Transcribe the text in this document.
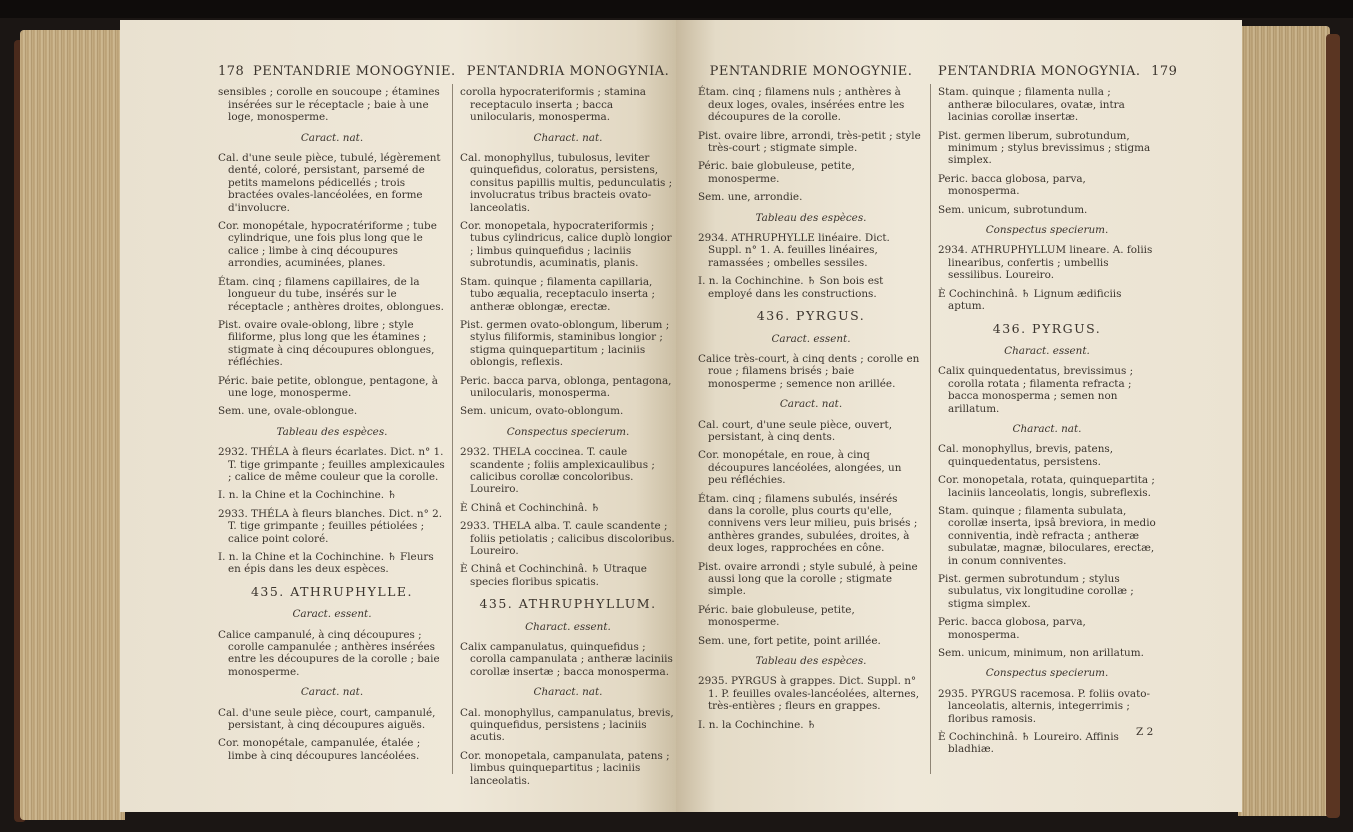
178 PENTANDRIE MONOGYNIE.

sensibles ; corolle en soucoupe ; étamines insérées sur le réceptacle ; baie à une loge, monosperme.

Caract. nat.

Cal. d'une seule pièce, tubulé, légèrement denté, coloré, persistant, parsemé de petits mamelons pédicellés ; trois bractées ovales-lancéolées, en forme d'involucre.

Cor. monopétale, hypocratériforme ; tube cylindrique, une fois plus long que le calice ; limbe à cinq découpures arrondies, acuminées, planes.

Étam. cinq ; filamens capillaires, de la longueur du tube, insérés sur le réceptacle ; anthères droites, oblongues.

Pist. ovaire ovale-oblong, libre ; style filiforme, plus long que les étamines ; stigmate à cinq découpures oblongues, réfléchies.

Péric. baie petite, oblongue, pentagone, à une loge, monosperme.

Sem. une, ovale-oblongue.

Tableau des espèces.

2932. THÉLA à fleurs écarlates. Dict. n° 1. T. tige grimpante ; feuilles amplexicaules ; calice de même couleur que la corolle.

I. n. la Chine et la Cochinchine. ♄

2933. THÉLA à fleurs blanches. Dict. n° 2. T. tige grimpante ; feuilles pétiolées ; calice point coloré.

I. n. la Chine et la Cochinchine. ♄ Fleurs en épis dans les deux espèces.

435. ATHRUPHYLLE.

Caract. essent.

Calice campanulé, à cinq découpures ; corolle campanulée ; anthères insérées entre les découpures de la corolle ; baie monosperme.

Caract. nat.

Cal. d'une seule pièce, court, campanulé, persistant, à cinq découpures aiguës.

Cor. monopétale, campanulée, étalée ; limbe à cinq découpures lancéolées.

PENTANDRIA MONOGYNIA.

corolla hypocrateriformis ; stamina receptaculo inserta ; bacca unilocularis, monosperma.

Charact. nat.

Cal. monophyllus, tubulosus, leviter quinquefidus, coloratus, persistens, consitus papillis multis, pedunculatis ; involucratus tribus bracteis ovato-lanceolatis.

Cor. monopetala, hypocrateriformis ; tubus cylindricus, calice duplò longior ; limbus quinquefidus ; laciniis subrotundis, acuminatis, planis.

Stam. quinque ; filamenta capillaria, tubo æqualia, receptaculo inserta ; antheræ oblongæ, erectæ.

Pist. germen ovato-oblongum, liberum ; stylus filiformis, staminibus longior ; stigma quinquepartitum ; laciniis oblongis, reflexis.

Peric. bacca parva, oblonga, pentagona, unilocularis, monosperma.

Sem. unicum, ovato-oblongum.

Conspectus specierum.

2932. THELA coccinea. T. caule scandente ; foliis amplexicaulibus ; calicibus corollæ concoloribus. Loureiro.

È Chinâ et Cochinchinâ. ♄

2933. THELA alba. T. caule scandente ; foliis petiolatis ; calicibus discoloribus. Loureiro.

È Chinâ et Cochinchinâ. ♄ Utraque species floribus spicatis.

435. ATHRUPHYLLUM.

Charact. essent.

Calix campanulatus, quinquefidus ; corolla campanulata ; antheræ laciniis corollæ insertæ ; bacca monosperma.

Charact. nat.

Cal. monophyllus, campanulatus, brevis, quinquefidus, persistens ; laciniis acutis.

Cor. monopetala, campanulata, patens ; limbus quinquepartitus ; laciniis lanceolatis.

PENTANDRIE MONOGYNIE.

Étam. cinq ; filamens nuls ; anthères à deux loges, ovales, insérées entre les découpures de la corolle.

Pist. ovaire libre, arrondi, très-petit ; style très-court ; stigmate simple.

Péric. baie globuleuse, petite, monosperme.

Sem. une, arrondie.

Tableau des espèces.

2934. ATHRUPHYLLE linéaire. Dict. Suppl. n° 1. A. feuilles linéaires, ramassées ; ombelles sessiles.

I. n. la Cochinchine. ♄ Son bois est employé dans les constructions.

436. PYRGUS.

Caract. essent.

Calice très-court, à cinq dents ; corolle en roue ; filamens brisés ; baie monosperme ; semence non arillée.

Caract. nat.

Cal. court, d'une seule pièce, ouvert, persistant, à cinq dents.

Cor. monopétale, en roue, à cinq découpures lancéolées, alongées, un peu réfléchies.

Étam. cinq ; filamens subulés, insérés dans la corolle, plus courts qu'elle, connivens vers leur milieu, puis brisés ; anthères grandes, subulées, droites, à deux loges, rapprochées en cône.

Pist. ovaire arrondi ; style subulé, à peine aussi long que la corolle ; stigmate simple.

Péric. baie globuleuse, petite, monosperme.

Sem. une, fort petite, point arillée.

Tableau des espèces.

2935. PYRGUS à grappes. Dict. Suppl. n° 1. P. feuilles ovales-lancéolées, alternes, très-entières ; fleurs en grappes.

I. n. la Cochinchine. ♄

PENTANDRIA MONOGYNIA. 179

Stam. quinque ; filamenta nulla ; antheræ biloculares, ovatæ, intra lacinias corollæ insertæ.

Pist. germen liberum, subrotundum, minimum ; stylus brevissimus ; stigma simplex.

Peric. bacca globosa, parva, monosperma.

Sem. unicum, subrotundum.

Conspectus specierum.

2934. ATHRUPHYLLUM lineare. A. foliis linearibus, confertis ; umbellis sessilibus. Loureiro.

È Cochinchinâ. ♄ Lignum ædificiis aptum.

436. PYRGUS.

Charact. essent.

Calix quinquedentatus, brevissimus ; corolla rotata ; filamenta refracta ; bacca monosperma ; semen non arillatum.

Charact. nat.

Cal. monophyllus, brevis, patens, quinquedentatus, persistens.

Cor. monopetala, rotata, quinquepartita ; laciniis lanceolatis, longis, subreflexis.

Stam. quinque ; filamenta subulata, corollæ inserta, ipsâ breviora, in medio conniventia, indè refracta ; antheræ subulatæ, magnæ, biloculares, erectæ, in conum conniventes.

Pist. germen subrotundum ; stylus subulatus, vix longitudine corollæ ; stigma simplex.

Peric. bacca globosa, parva, monosperma.

Sem. unicum, minimum, non arillatum.

Conspectus specierum.

2935. PYRGUS racemosa. P. foliis ovato-lanceolatis, alternis, integerrimis ; floribus ramosis.

È Cochinchinâ. ♄ Loureiro. Affinis bladhiæ.

Z 2
